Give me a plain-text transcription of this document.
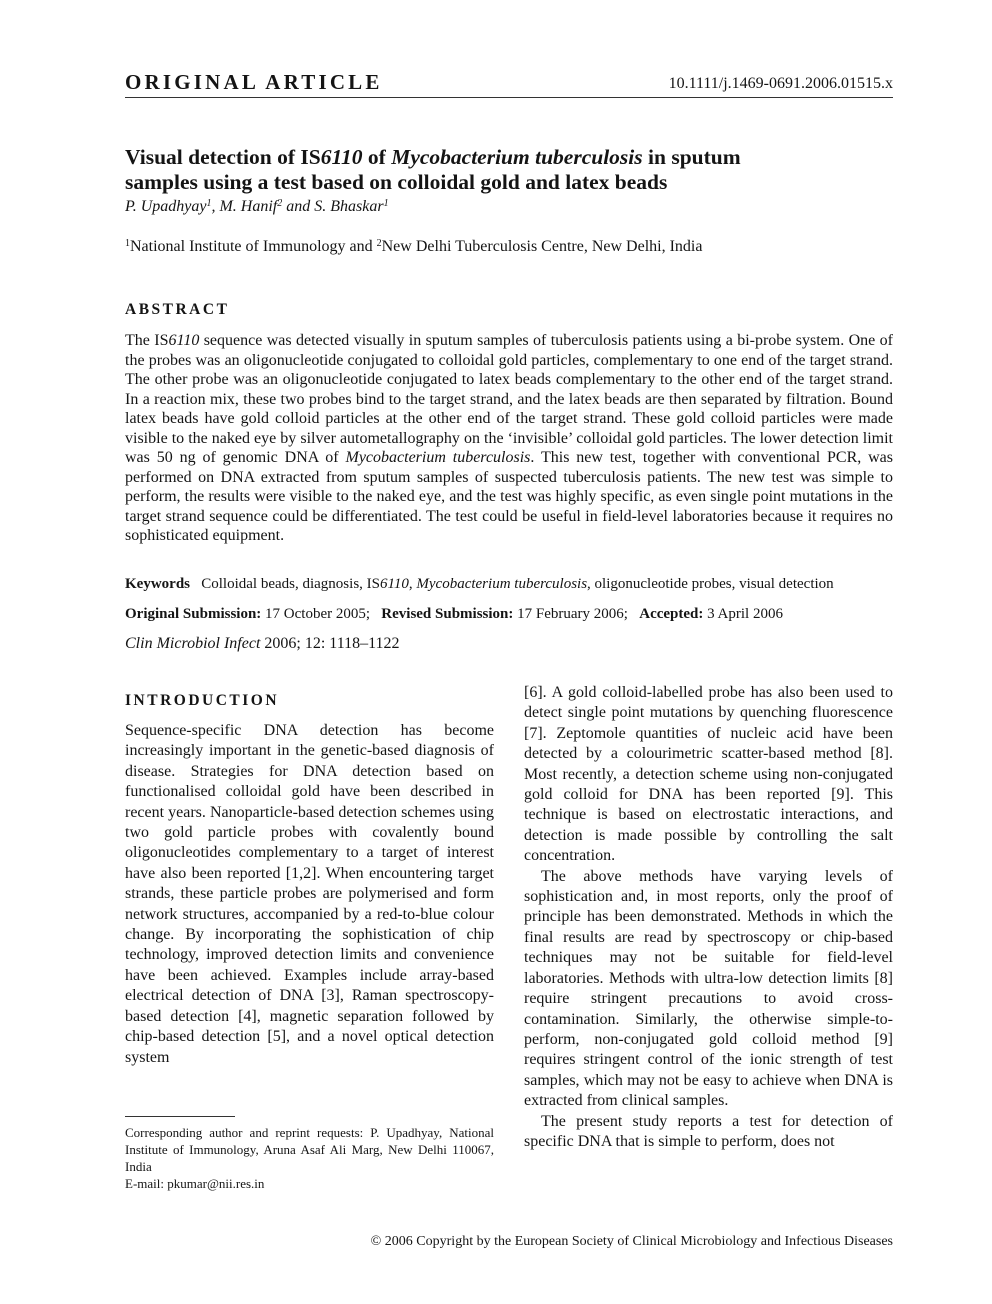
ORIGINAL ARTICLE	10.1111/j.1469-0691.2006.01515.x
Visual detection of IS6110 of Mycobacterium tuberculosis in sputum
samples using a test based on colloidal gold and latex beads
P. Upadhyay$^1$, M. Hanif$^2$ and S. Bhaskar$^1$
$^1$National Institute of Immunology and $^2$New Delhi Tuberculosis Centre, New Delhi, India
ABSTRACT
The IS6110 sequence was detected visually in sputum samples of tuberculosis patients using a bi-probe system. One of the probes was an oligonucleotide conjugated to colloidal gold particles, complementary to one end of the target strand. The other probe was an oligonucleotide conjugated to latex beads complementary to the other end of the target strand. In a reaction mix, these two probes bind to the target strand, and the latex beads are then separated by filtration. Bound latex beads have gold colloid particles at the other end of the target strand. These gold colloid particles were made visible to the naked eye by silver autometallography on the ‘invisible’ colloidal gold particles. The lower detection limit was 50 ng of genomic DNA of Mycobacterium tuberculosis. This new test, together with conventional PCR, was performed on DNA extracted from sputum samples of suspected tuberculosis patients. The new test was simple to perform, the results were visible to the naked eye, and the test was highly specific, as even single point mutations in the target strand sequence could be differentiated. The test could be useful in field-level laboratories because it requires no sophisticated equipment.
Keywords Colloidal beads, diagnosis, IS6110, Mycobacterium tuberculosis, oligonucleotide probes, visual detection
Original Submission: 17 October 2005; Revised Submission: 17 February 2006; Accepted: 3 April 2006
Clin Microbiol Infect 2006; 12: 1118–1122
INTRODUCTION

Sequence-specific DNA detection has become increasingly important in the genetic-based diagnosis of disease. Strategies for DNA detection based on functionalised colloidal gold have been described in recent years. Nanoparticle-based detection schemes using two gold particle probes with covalently bound oligonucleotides complementary to a target of interest have also been reported [1,2]. When encountering target strands, these particle probes are polymerised and form network structures, accompanied by a red-to-blue colour change. By incorporating the sophistication of chip technology, improved detection limits and convenience have been achieved. Examples include array-based electrical detection of DNA [3], Raman spectroscopy-based detection [4], magnetic separation followed by chip-based detection [5], and a novel optical detection system

Corresponding author and reprint requests: P. Upadhyay, National Institute of Immunology, Aruna Asaf Ali Marg, New Delhi 110067, India
E-mail: pkumar@nii.res.in

[6]. A gold colloid-labelled probe has also been used to detect single point mutations by quenching fluorescence [7]. Zeptomole quantities of nucleic acid have been detected by a colourimetric scatter-based method [8]. Most recently, a detection scheme using non-conjugated gold colloid for DNA has been reported [9]. This technique is based on electrostatic interactions, and detection is made possible by controlling the salt concentration.

The above methods have varying levels of sophistication and, in most reports, only the proof of principle has been demonstrated. Methods in which the final results are read by spectroscopy or chip-based techniques may not be suitable for field-level laboratories. Methods with ultra-low detection limits [8] require stringent precautions to avoid cross-contamination. Similarly, the otherwise simple-to-perform, non-conjugated gold colloid method [9] requires stringent control of the ionic strength of test samples, which may not be easy to achieve when DNA is extracted from clinical samples.

The present study reports a test for detection of specific DNA that is simple to perform, does not

© 2006 Copyright by the European Society of Clinical Microbiology and Infectious Diseases
